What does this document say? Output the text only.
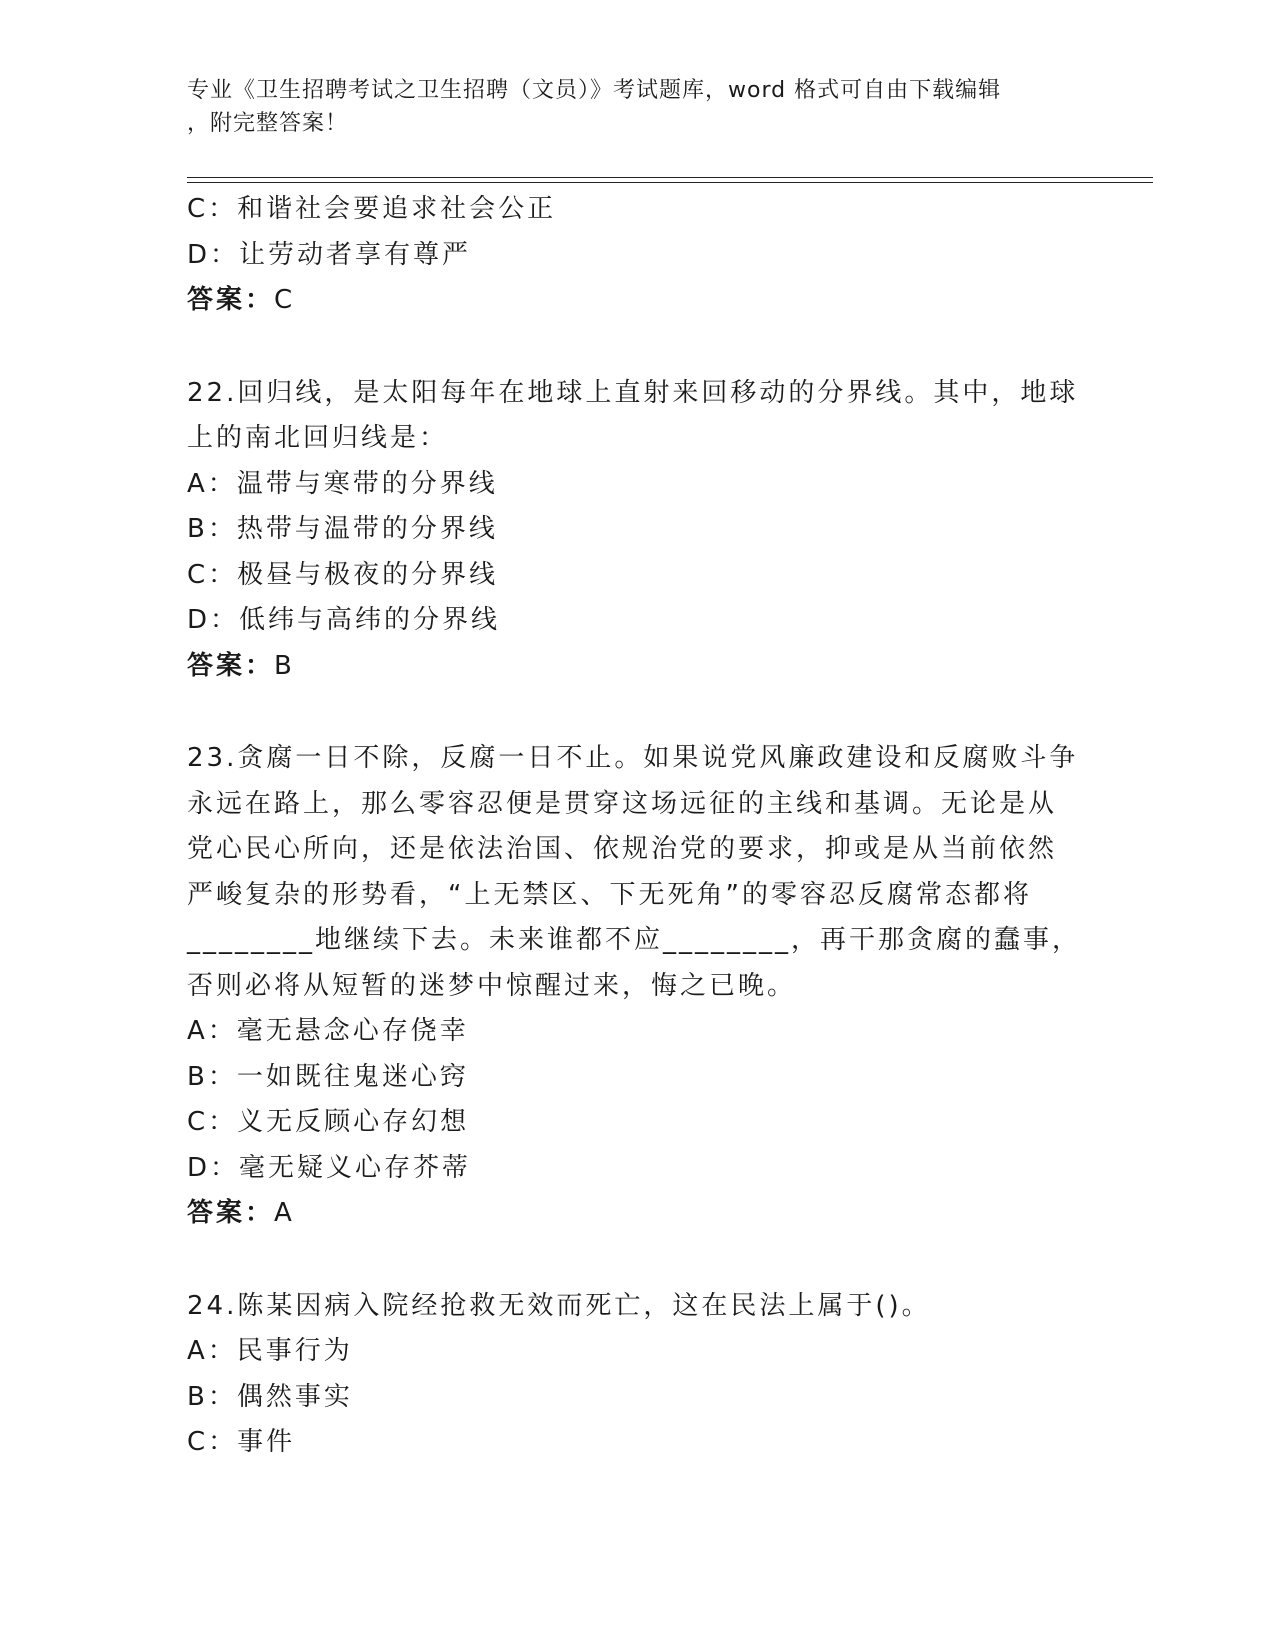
专业《卫生招聘考试之卫生招聘（文员）》考试题库，word 格式可自由下载编辑
，附完整答案！
C：和谐社会要追求社会公正
D：让劳动者享有尊严
答案：C
22.回归线，是太阳每年在地球上直射来回移动的分界线。其中，地球
上的南北回归线是：
A：温带与寒带的分界线
B：热带与温带的分界线
C：极昼与极夜的分界线
D：低纬与高纬的分界线
答案：B
23.贪腐一日不除，反腐一日不止。如果说党风廉政建设和反腐败斗争
永远在路上，那么零容忍便是贯穿这场远征的主线和基调。无论是从
党心民心所向，还是依法治国、依规治党的要求，抑或是从当前依然
严峻复杂的形势看，“上无禁区、下无死角”的零容忍反腐常态都将
________地继续下去。未来谁都不应________，再干那贪腐的蠢事，
否则必将从短暂的迷梦中惊醒过来，悔之已晚。
A：毫无悬念心存侥幸
B：一如既往鬼迷心窍
C：义无反顾心存幻想
D：毫无疑义心存芥蒂
答案：A
24.陈某因病入院经抢救无效而死亡，这在民法上属于()。
A：民事行为
B：偶然事实
C：事件
